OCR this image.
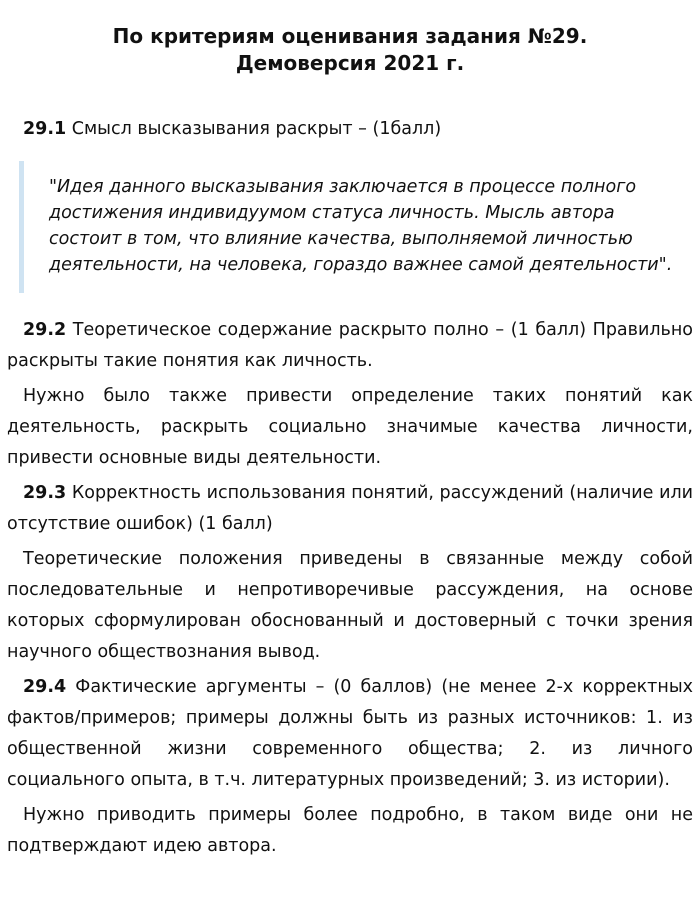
По критериям оценивания задания №29.
Демоверсия 2021 г.

29.1 Смысл высказывания раскрыт – (1балл)

"Идея данного высказывания заключается в процессе полного достижения индивидуумом статуса личность. Мысль автора состоит в том, что влияние качества, выполняемой личностью деятельности, на человека, гораздо важнее самой деятельности".

29.2 Теоретическое содержание раскрыто полно – (1 балл) Правильно раскрыты такие понятия как личность.

Нужно было также привести определение таких понятий как деятельность, раскрыть социально значимые качества личности, привести основные виды деятельности.

29.3 Корректность использования понятий, рассуждений (наличие или отсутствие ошибок) (1 балл)

Теоретические положения приведены в связанные между собой последовательные и непротиворечивые рассуждения, на основе которых сформулирован обоснованный и достоверный с точки зрения научного обществознания вывод.

29.4 Фактические аргументы – (0 баллов) (не менее 2-х корректных фактов/примеров; примеры должны быть из разных источников: 1. из общественной жизни современного общества; 2. из личного социального опыта, в т.ч. литературных произведений; 3. из истории).

Нужно приводить примеры более подробно, в таком виде они не подтверждают идею автора.
